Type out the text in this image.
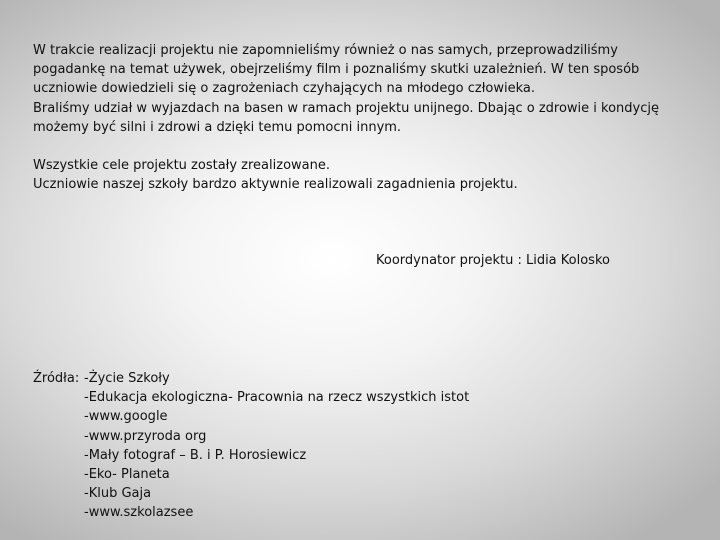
W trakcie realizacji projektu nie zapomnieliśmy również o nas samych, przeprowadziliśmy
pogadankę na temat używek, obejrzeliśmy film i poznaliśmy skutki uzależnień. W ten sposób
uczniowie dowiedzieli się o zagrożeniach czyhających na młodego człowieka.
Braliśmy udział w wyjazdach na basen w ramach projektu unijnego. Dbając o zdrowie i kondycję
możemy być silni i zdrowi a dzięki temu pomocni innym.

Wszystkie cele projektu zostały zrealizowane.
Uczniowie naszej szkoły bardzo aktywnie realizowali zagadnienia projektu.

Koordynator projektu : Lidia Kolosko
Źródła: -Życie Szkoły
-Edukacja ekologiczna- Pracownia na rzecz wszystkich istot
-www.google
-www.przyroda org
-Mały fotograf – B. i P. Horosiewicz
-Eko- Planeta
-Klub Gaja
-www.szkolazsee
